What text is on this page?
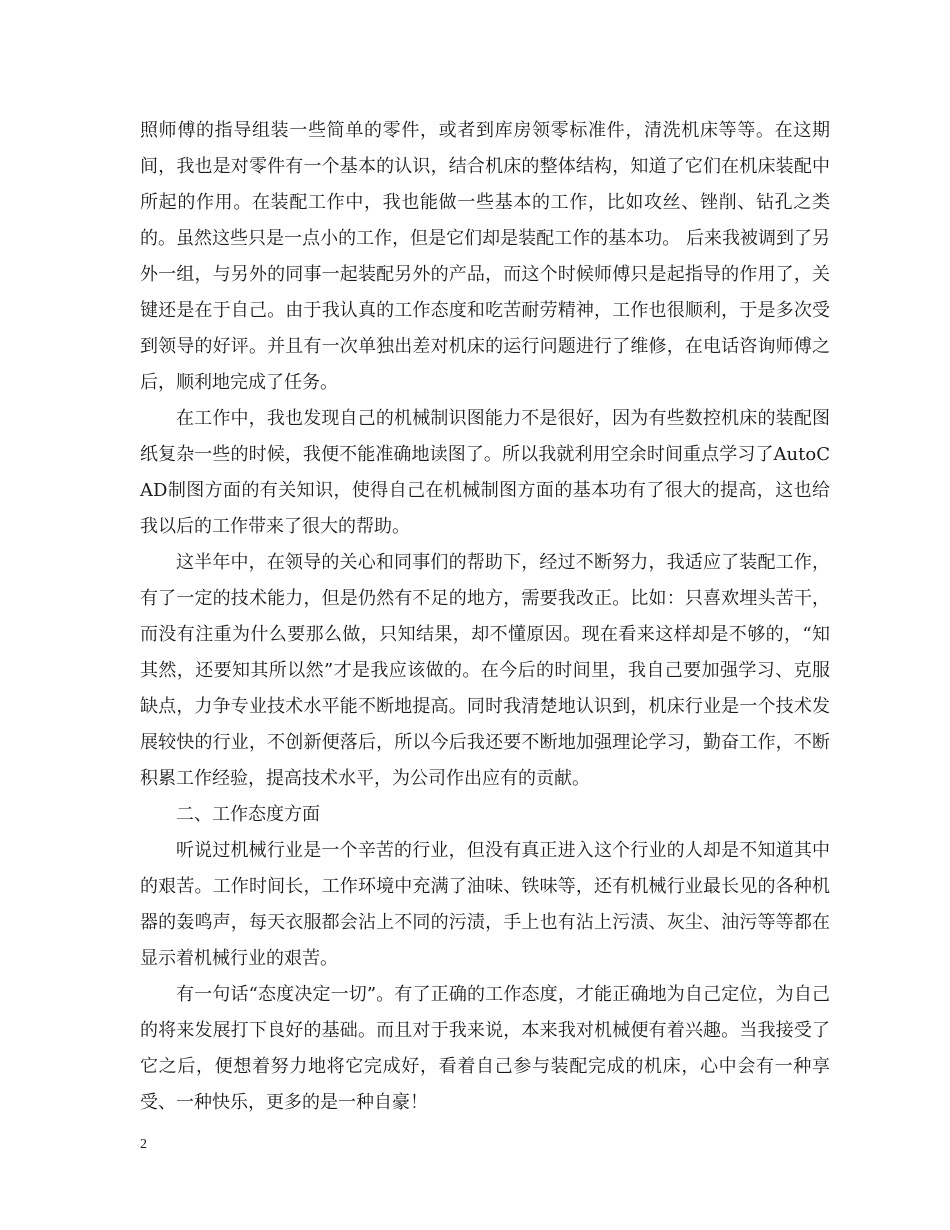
照师傅的指导组装一些简单的零件，或者到库房领零标准件，清洗机床等等。在这期间，我也是对零件有一个基本的认识，结合机床的整体结构，知道了它们在机床装配中所起的作用。在装配工作中，我也能做一些基本的工作，比如攻丝、锉削、钻孔之类的。虽然这些只是一点小的工作，但是它们却是装配工作的基本功。 后来我被调到了另外一组，与另外的同事一起装配另外的产品，而这个时候师傅只是起指导的作用了，关键还是在于自己。由于我认真的工作态度和吃苦耐劳精神，工作也很顺利，于是多次受到领导的好评。并且有一次单独出差对机床的运行问题进行了维修，在电话咨询师傅之后，顺利地完成了任务。

在工作中，我也发现自己的机械制识图能力不是很好，因为有些数控机床的装配图纸复杂一些的时候，我便不能准确地读图了。所以我就利用空余时间重点学习了AutoCAD制图方面的有关知识，使得自己在机械制图方面的基本功有了很大的提高，这也给我以后的工作带来了很大的帮助。

这半年中，在领导的关心和同事们的帮助下，经过不断努力，我适应了装配工作，有了一定的技术能力，但是仍然有不足的地方，需要我改正。比如：只喜欢埋头苦干，而没有注重为什么要那么做，只知结果，却不懂原因。现在看来这样却是不够的，“知其然，还要知其所以然”才是我应该做的。在今后的时间里，我自己要加强学习、克服缺点，力争专业技术水平能不断地提高。同时我清楚地认识到，机床行业是一个技术发展较快的行业，不创新便落后，所以今后我还要不断地加强理论学习，勤奋工作，不断积累工作经验，提高技术水平，为公司作出应有的贡献。

二、工作态度方面

听说过机械行业是一个辛苦的行业，但没有真正进入这个行业的人却是不知道其中的艰苦。工作时间长，工作环境中充满了油味、铁味等，还有机械行业最长见的各种机器的轰鸣声，每天衣服都会沾上不同的污渍，手上也有沾上污渍、灰尘、油污等等都在显示着机械行业的艰苦。

有一句话“态度决定一切”。有了正确的工作态度，才能正确地为自己定位，为自己的将来发展打下良好的基础。而且对于我来说，本来我对机械便有着兴趣。当我接受了它之后，便想着努力地将它完成好，看着自己参与装配完成的机床，心中会有一种享受、一种快乐，更多的是一种自豪！

2
